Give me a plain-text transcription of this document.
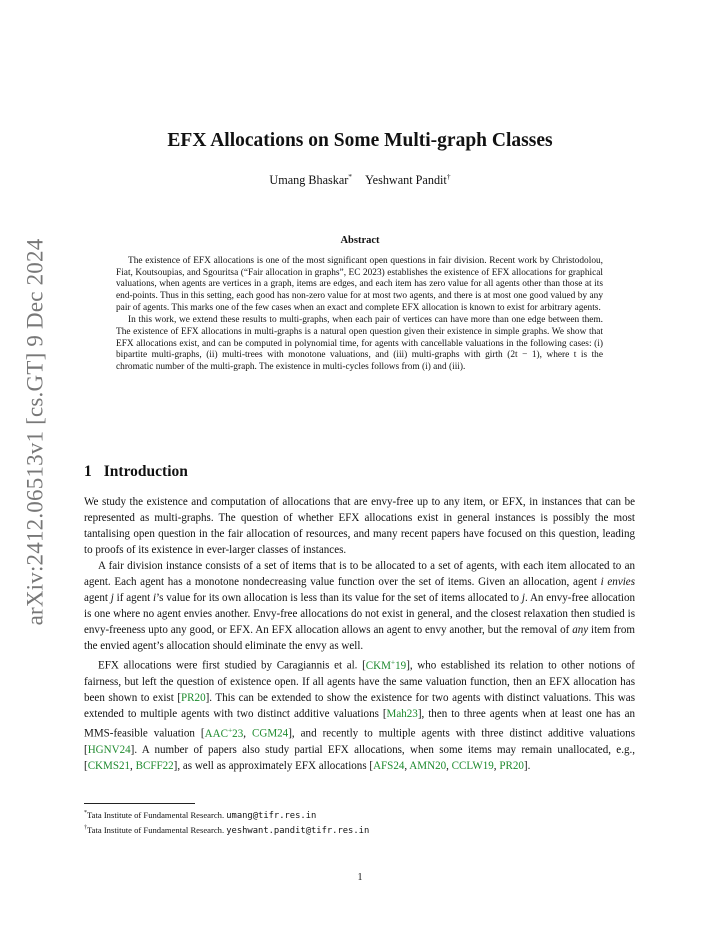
arXiv:2412.06513v1 [cs.GT] 9 Dec 2024
EFX Allocations on Some Multi-graph Classes
Umang Bhaskar* Yeshwant Pandit†
Abstract

The existence of EFX allocations is one of the most significant open questions in fair division. Recent work by Christodolou, Fiat, Koutsoupias, and Sgouritsa (“Fair allocation in graphs”, EC 2023) establishes the existence of EFX allocations for graphical valuations, when agents are vertices in a graph, items are edges, and each item has zero value for all agents other than those at its end-points. Thus in this setting, each good has non-zero value for at most two agents, and there is at most one good valued by any pair of agents. This marks one of the few cases when an exact and complete EFX allocation is known to exist for arbitrary agents.

In this work, we extend these results to multi-graphs, when each pair of vertices can have more than one edge between them. The existence of EFX allocations in multi-graphs is a natural open question given their existence in simple graphs. We show that EFX allocations exist, and can be computed in polynomial time, for agents with cancellable valuations in the following cases: (i) bipartite multi-graphs, (ii) multi-trees with monotone valuations, and (iii) multi-graphs with girth (2t − 1), where t is the chromatic number of the multi-graph. The existence in multi-cycles follows from (i) and (iii).

1 Introduction

We study the existence and computation of allocations that are envy-free up to any item, or EFX, in instances that can be represented as multi-graphs. The question of whether EFX allocations exist in general instances is possibly the most tantalising open question in the fair allocation of resources, and many recent papers have focused on this question, leading to proofs of its existence in ever-larger classes of instances.

A fair division instance consists of a set of items that is to be allocated to a set of agents, with each item allocated to an agent. Each agent has a monotone nondecreasing value function over the set of items. Given an allocation, agent i envies agent j if agent i’s value for its own allocation is less than its value for the set of items allocated to j. An envy-free allocation is one where no agent envies another. Envy-free allocations do not exist in general, and the closest relaxation then studied is envy-freeness upto any good, or EFX. An EFX allocation allows an agent to envy another, but the removal of any item from the envied agent’s allocation should eliminate the envy as well.

EFX allocations were first studied by Caragiannis et al. [CKM+19], who established its relation to other notions of fairness, but left the question of existence open. If all agents have the same valuation function, then an EFX allocation has been shown to exist [PR20]. This can be extended to show the existence for two agents with distinct valuations. This was extended to multiple agents with two distinct additive valuations [Mah23], then to three agents when at least one has an MMS-feasible valuation [AAC+23, CGM24], and recently to multiple agents with three distinct additive valuations [HGNV24]. A number of papers also study partial EFX allocations, when some items may remain unallocated, e.g., [CKMS21, BCFF22], as well as approximately EFX allocations [AFS24, AMN20, CCLW19, PR20].

*Tata Institute of Fundamental Research. umang@tifr.res.in
†Tata Institute of Fundamental Research. yeshwant.pandit@tifr.res.in
1
